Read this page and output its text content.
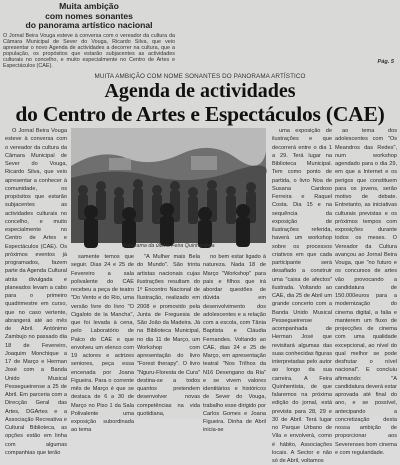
Muita ambição
com nomes sonantes
do panorama artístico nacional
O Jornal Beira Vouga esteve à conversa com o vereador da cultura da Câmara Municipal de Sever do Vouga, Ricardo Silva, que veio apresentar o novo Agenda de actividades a decorrer na cultura, que a população, os propósitos que estarão subjacentes as actividades culturais no concelho, e muito especialmente no Centro de Artes e Espectáculos (CAE).
Pág. 5
MUITA AMBIÇÃO COM NOME SONANTES DO PANORAMA ARTÍSTICO
Agenda de actividades
do Centro de Artes e Espectáculos (CAE)

O Jornal Beira Vouga esteve à conversa com o vereador da cultura da Câmara Municipal de Sever do Vouga, Ricardo Silva, que veio apresentar a conhecer à comunidade, os propósitos que estarão subjacentes as actividades culturais no concelho, e muito especialmente no Centro de Artes e Espectáculos (CAE). Os próximos eventos já programados, fazem parte da Agenda Cultural atrás divulgada e planeados levam a cabo para o primeiro quadrimestre em curso, que no caso vertente, abrangerá até ao mês de Abril. Antónimo Zambujo no passado dia 18 de Fevereiro, Joaquim Monchique a 17 de Março e Herman José com a Banda Unido Musical Pessegueirense a 25 de Abril. Em parceria com a Direcção Geral das Artes, DGArtes e a Associação Recreativa e Cultural Biblioteca, as opções estão em linha com algumas companhias que terão

Panorama da última Feira Quinhentista

samente temos que seguir. Dias 24 e 25 de Fevereiro a sala polivalente do CAE recebeu a peça de teatro "Do Vento e do Rio, uma versão livre do livro "O Cigaloto de la Mancha", que foi levada à cena, pelo Laboratório de Palco do CAE e que envolveu um elenco com 19 actores e actrizes seniores, peça essa encenada por Joana Figueira. Para o corrente mês de Março é que se destaca de 6 a 30 de Março no Piso 1 da Sala Polivalente uma exposição subordinada ao tema

"A Mulher mais Bela do Mundo". São trinta artistas nacionais cujas ilustrações resultam do 1º Encontro Nacional de Ilustração, realizado em 2008 e promovido pela Junta de Freguesia de São João da Madeira. Já na Biblioteca Municipal, no dia 11 de Março, um Workshop com apresentação do livro "Forest therapy". O livro "Nguru-Floresta de Cura" destina-se a todos quantos pretendem desenvolver novas competências na vida quotidiana,

no bem estar ligado à natureza. Nada 18 de Março "Workshop" para pais e filhos que irá abordar questões de dúvida em desenvolvimento dos adolescentes e a relação com a escola, com Tânia Baptista e Cláudia Fernandes. Voltando ao CAE, dias 24 e 25 de Março, em apresentação teatral "Nos Trilhos da N16 Desengano da Ria" e se vivem valores identitários e históricos de Sever do Vouga, trabalho esse dirigido por Carlos Gomes e Joana Figueira. Dinha de Abril inicia-se

uma exposição de ilustrações e que decorrerá entre o dia 1 a 29. Terá lugar na Biblioteca Municipal. Tem como ponto de partida, o livro Noa de Susana Cardoso Ferreira e Raquel Costa. Dia 15 e na sequência da exposição de ilustrações referida, haverá um workshop sobre os processos criativos em que cada participante será desafiado a construir uma "caixa de afectos" ilustrada. Voltando ao CAE, dia 25 de Abril um grande concerto com a Banda Unido Musical Pessegueirense acompanhada de Herman José que revisitará algumas das suas conhecidas figuras interpretadas pelo autor ao longo da sua carreira. A Feira Quinhentista, de que falaremos na próxima edição do jornal, está prevista para 28, 29 e 30 de Abril. Terá lugar no Parque Urbano de Vila e envolverá, como é hábito, Associações locais. A Sector e não só de Abril, voltamos

ao tema dos adolescentes com "Os Meandros das Redes", num workshop agendado para o dia 29, em que a Internet e os perigos que constituem para os jovens, serão motivo de debate. Entretanto, as iniciativas culturais previstas e os próximos tempos com exposições durante todos os meses. O Vereador da Cultura avançou ao Jornal Beira Vouga, que "no futuro e os concursos de artes vão provocando a candidatura de 150.000euros para a modernização do cinema digital, a falia e manterem um fluxo de projecções de cinema com uma qualidade excepcional, ao nível do qual melhor se pode desfrutar o nível nacional". E concluiu afirmando: "A candidatura deverá estar aprovada até final do ano, e se possível, antecipando a concretização desta nossa ambição de proporcionar aos Severenses bom cinema e com regularidade.
